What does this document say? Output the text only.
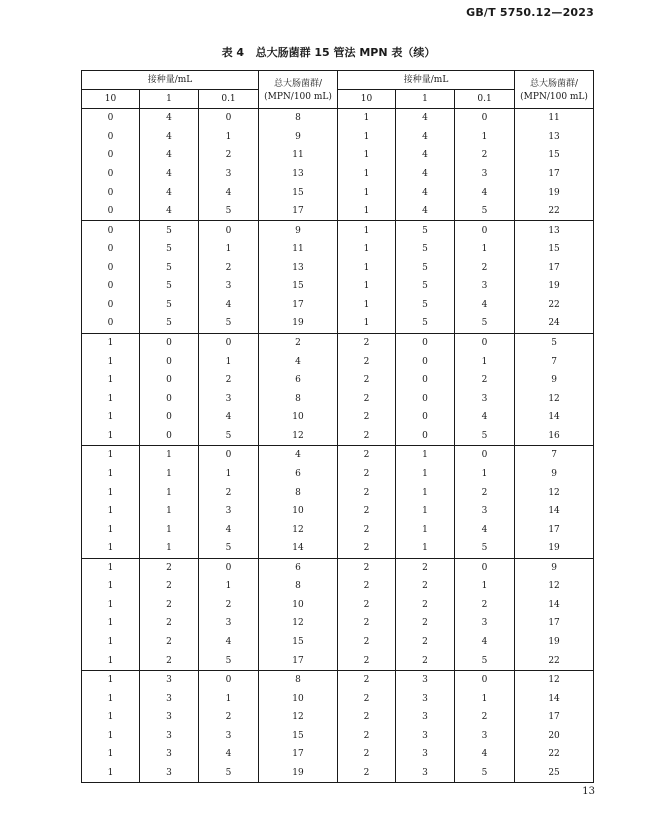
GB/T 5750.12—2023
表 4   总大肠菌群 15 管法 MPN 表（续）
接种量/mL			总大肠菌群/
(MPN/100 mL)	接种量/mL			总大肠菌群/
(MPN/100 mL)
10	1	0.1		10	1	0.1	
0	4	0	8	1	4	0	11
0	4	1	9	1	4	1	13
0	4	2	11	1	4	2	15
0	4	3	13	1	4	3	17
0	4	4	15	1	4	4	19
0	4	5	17	1	4	5	22
0	5	0	9	1	5	0	13
0	5	1	11	1	5	1	15
0	5	2	13	1	5	2	17
0	5	3	15	1	5	3	19
0	5	4	17	1	5	4	22
0	5	5	19	1	5	5	24
1	0	0	2	2	0	0	5
1	0	1	4	2	0	1	7
1	0	2	6	2	0	2	9
1	0	3	8	2	0	3	12
1	0	4	10	2	0	4	14
1	0	5	12	2	0	5	16
1	1	0	4	2	1	0	7
1	1	1	6	2	1	1	9
1	1	2	8	2	1	2	12
1	1	3	10	2	1	3	14
1	1	4	12	2	1	4	17
1	1	5	14	2	1	5	19
1	2	0	6	2	2	0	9
1	2	1	8	2	2	1	12
1	2	2	10	2	2	2	14
1	2	3	12	2	2	3	17
1	2	4	15	2	2	4	19
1	2	5	17	2	2	5	22
1	3	0	8	2	3	0	12
1	3	1	10	2	3	1	14
1	3	2	12	2	3	2	17
1	3	3	15	2	3	3	20
1	3	4	17	2	3	4	22
1	3	5	19	2	3	5	25
13
